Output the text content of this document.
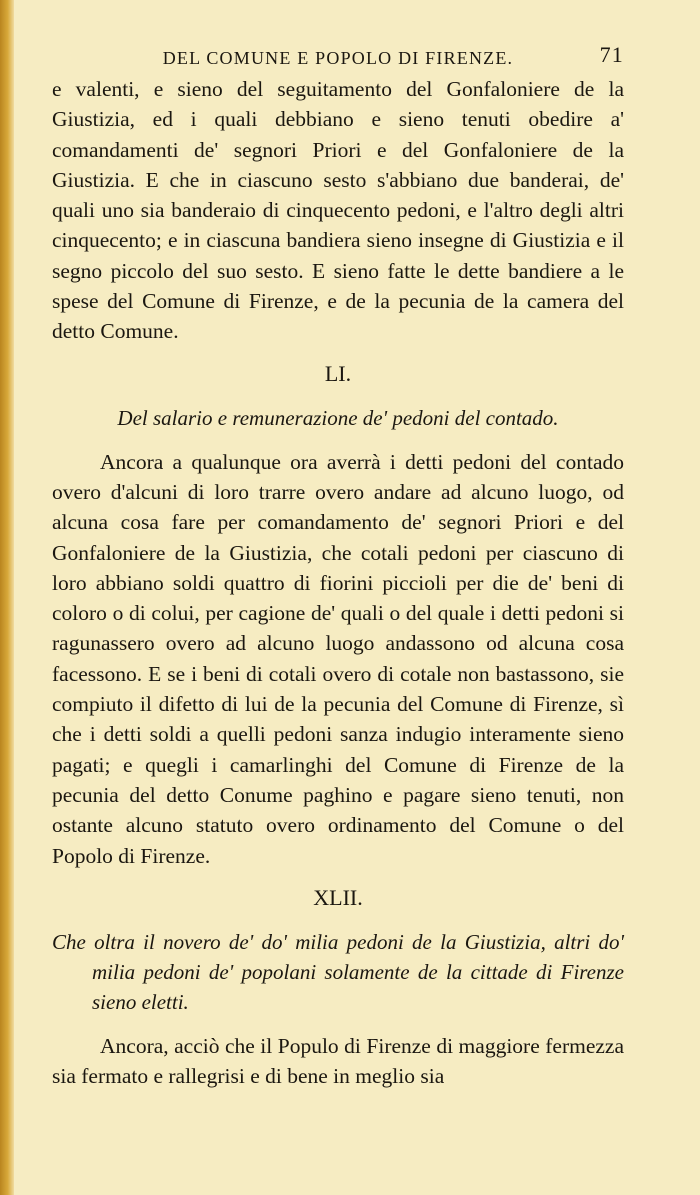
DEL COMUNE E POPOLO DI FIRENZE.	71

e valenti, e sieno del seguitamento del Gonfaloniere de la Giustizia, ed i quali debbiano e sieno tenuti obedire a' comandamenti de' segnori Priori e del Gonfaloniere de la Giustizia. E che in ciascuno sesto s'abbiano due banderai, de' quali uno sia banderaio di cinquecento pedoni, e l'altro degli altri cinquecento; e in ciascuna bandiera sieno insegne di Giustizia e il segno piccolo del suo sesto. E sieno fatte le dette bandiere a le spese del Comune di Firenze, e de la pecunia de la camera del detto Comune.

LI.
Del salario e remunerazione de' pedoni del contado.

Ancora a qualunque ora averrà i detti pedoni del contado overo d'alcuni di loro trarre overo andare ad alcuno luogo, od alcuna cosa fare per comandamento de' segnori Priori e del Gonfaloniere de la Giustizia, che cotali pedoni per ciascuno di loro abbiano soldi quattro di fiorini piccioli per die de' beni di coloro o di colui, per cagione de' quali o del quale i detti pedoni si ragunassero overo ad alcuno luogo andassono od alcuna cosa facessono. E se i beni di cotali overo di cotale non bastassono, sie compiuto il difetto di lui de la pecunia del Comune di Firenze, sì che i detti soldi a quelli pedoni sanza indugio interamente sieno pagati; e quegli i camarlinghi del Comune di Firenze de la pecunia del detto Conume paghino e pagare sieno tenuti, non ostante alcuno statuto overo ordinamento del Comune o del Popolo di Firenze.

XLII.
Che oltra il novero de' do' milia pedoni de la Giustizia, altri do' milia pedoni de' popolani solamente de la cittade di Firenze sieno eletti.

Ancora, acciò che il Populo di Firenze di maggiore fermezza sia fermato e rallegrisi e di bene in meglio sia
